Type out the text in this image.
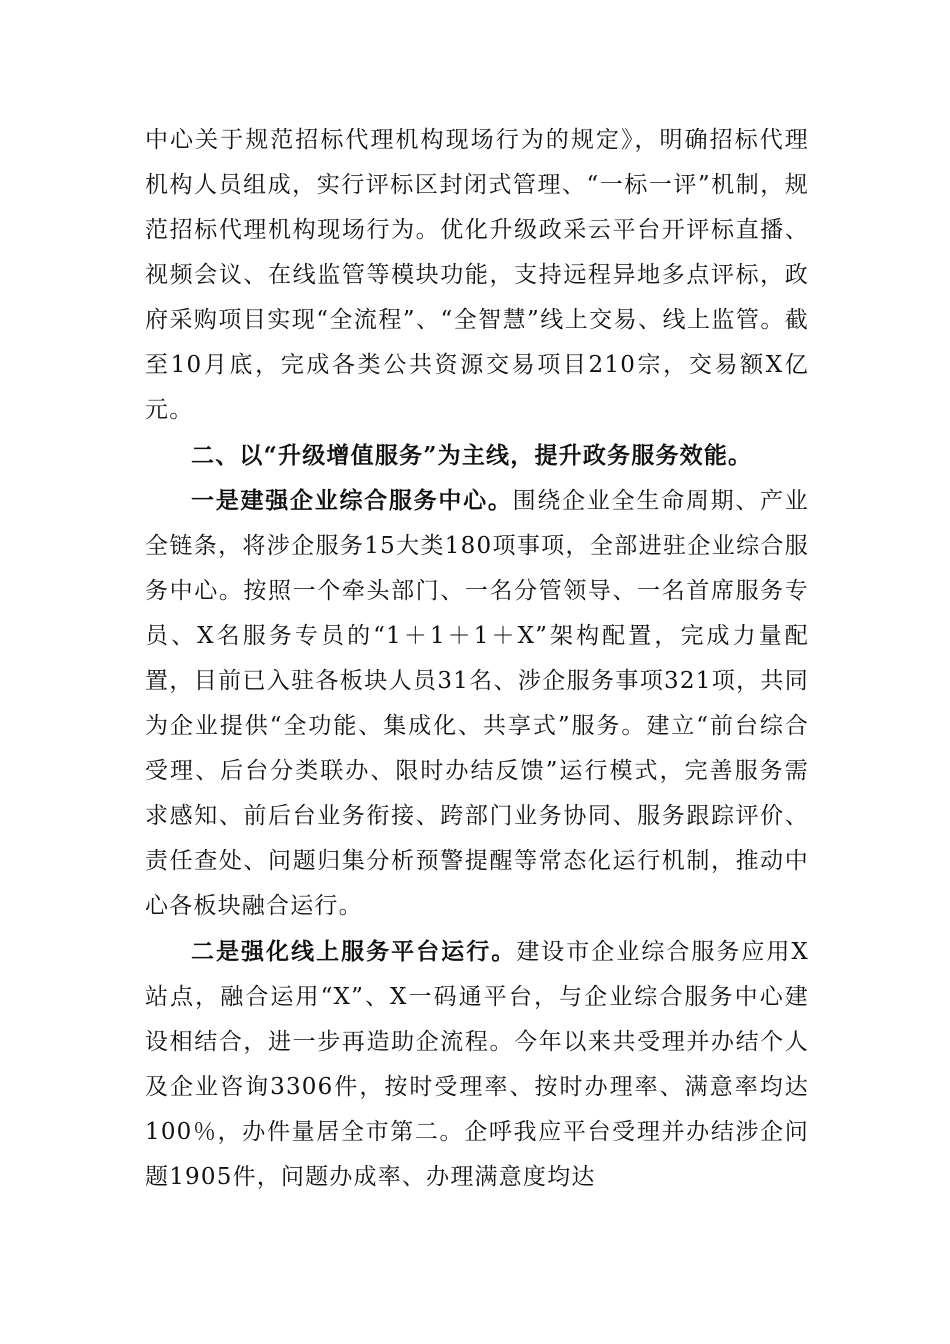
中心关于规范招标代理机构现场行为的规定》，明确招标代理机构人员组成，实行评标区封闭式管理、“一标一评”机制，规范招标代理机构现场行为。优化升级政采云平台开评标直播、视频会议、在线监管等模块功能，支持远程异地多点评标，政府采购项目实现“全流程”、“全智慧”线上交易、线上监管。截至10月底，完成各类公共资源交易项目210宗，交易额X亿元。

二、以“升级增值服务”为主线，提升政务服务效能。

一是建强企业综合服务中心。围绕企业全生命周期、产业全链条，将涉企服务15大类180项事项，全部进驻企业综合服务中心。按照一个牵头部门、一名分管领导、一名首席服务专员、X名服务专员的“1＋1＋1＋X”架构配置，完成力量配置，目前已入驻各板块人员31名、涉企服务事项321项，共同为企业提供“全功能、集成化、共享式”服务。建立“前台综合受理、后台分类联办、限时办结反馈”运行模式，完善服务需求感知、前后台业务衔接、跨部门业务协同、服务跟踪评价、责任查处、问题归集分析预警提醒等常态化运行机制，推动中心各板块融合运行。

二是强化线上服务平台运行。建设市企业综合服务应用X站点，融合运用“X”、X一码通平台，与企业综合服务中心建设相结合，进一步再造助企流程。今年以来共受理并办结个人及企业咨询3306件，按时受理率、按时办理率、满意率均达100％，办件量居全市第二。企呼我应平台受理并办结涉企问题1905件，问题办成率、办理满意度均达
